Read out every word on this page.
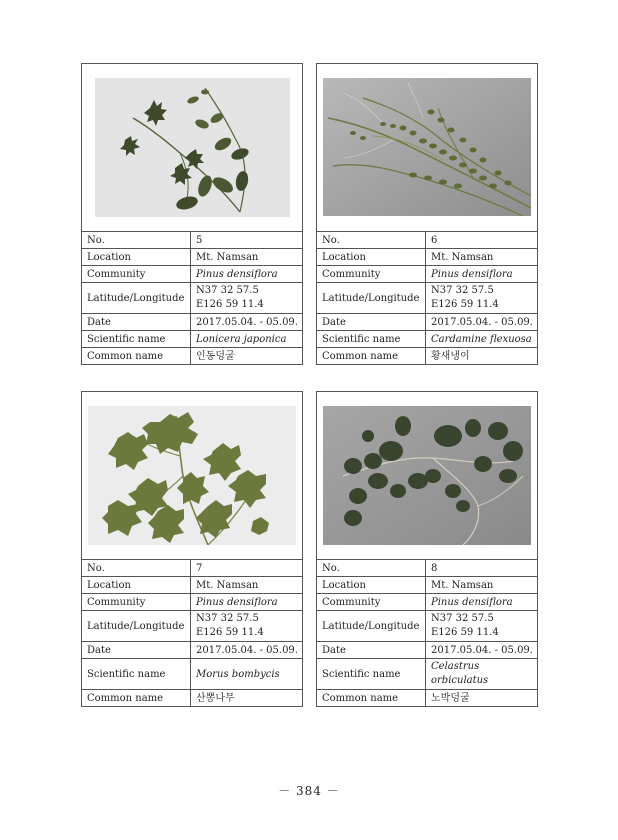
No.	5
Location	Mt. Namsan
Community	Pinus densiflora
Latitude/Longitude	N37 32 57.5
E126 59 11.4

Date	2017.05.04. - 05.09.
Scientific name	Lonicera japonica
Common name	인동덩굴
No.	6
Location	Mt. Namsan
Community	Pinus densiflora
Latitude/Longitude	N37 32 57.5
E126 59 11.4

Date	2017.05.04. - 05.09.
Scientific name	Cardamine flexuosa
Common name	황새냉이
No.	7
Location	Mt. Namsan
Community	Pinus densiflora
Latitude/Longitude	N37 32 57.5
E126 59 11.4

Date	2017.05.04. - 05.09.
Scientific name	Morus bombycis
Common name	산뽕나무
No.	8
Location	Mt. Namsan
Community	Pinus densiflora
Latitude/Longitude	N37 32 57.5
E126 59 11.4

Date	2017.05.04. - 05.09.
Scientific name	Celastrus
orbiculatus

Common name	노박덩굴
－ 384 －
